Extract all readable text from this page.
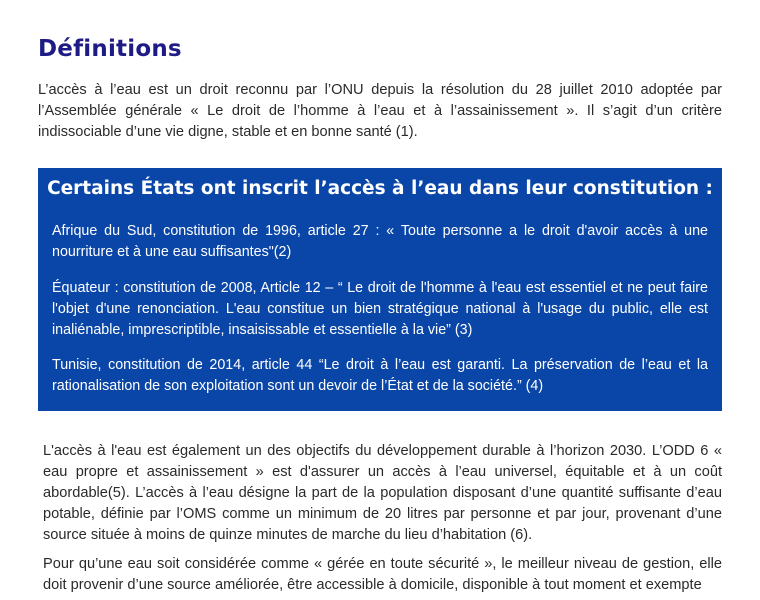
Définitions

L’accès à l’eau est un droit reconnu par l’ONU depuis la résolution du 28 juillet 2010 adoptée par l’Assemblée générale « Le droit de l’homme à l’eau et à l’assainissement ». Il s’agit d’un critère indissociable d’une vie digne, stable et en bonne santé (1).

Certains États ont inscrit l’accès à l’eau dans leur constitution :

Afrique du Sud, constitution de 1996, article 27 : « Toute personne a le droit d'avoir accès à une nourriture et à une eau suffisantes"(2)

Équateur : constitution de 2008, Article 12 – “ Le droit de l'homme à l'eau est essentiel et ne peut faire l'objet d'une renonciation. L'eau constitue un bien stratégique national à l'usage du public, elle est inaliénable, imprescriptible, insaisissable et essentielle à la vie” (3)

Tunisie, constitution de 2014, article 44 “Le droit à l’eau est garanti. La préservation de l’eau et la rationalisation de son exploitation sont un devoir de l’État et de la société.” (4)

L'accès à l'eau est également un des objectifs du développement durable à l’horizon 2030. L’ODD 6 « eau propre et assainissement » est d'assurer un accès à l’eau universel, équitable et à un coût abordable(5). L’accès à l’eau désigne la part de la population disposant d’une quantité suffisante d’eau potable, définie par l’OMS comme un minimum de 20 litres par personne et par jour, provenant d’une source située à moins de quinze minutes de marche du lieu d’habitation (6).

Pour qu’une eau soit considérée comme « gérée en toute sécurité », le meilleur niveau de gestion, elle doit provenir d’une source améliorée, être accessible à domicile, disponible à tout moment et exempte
